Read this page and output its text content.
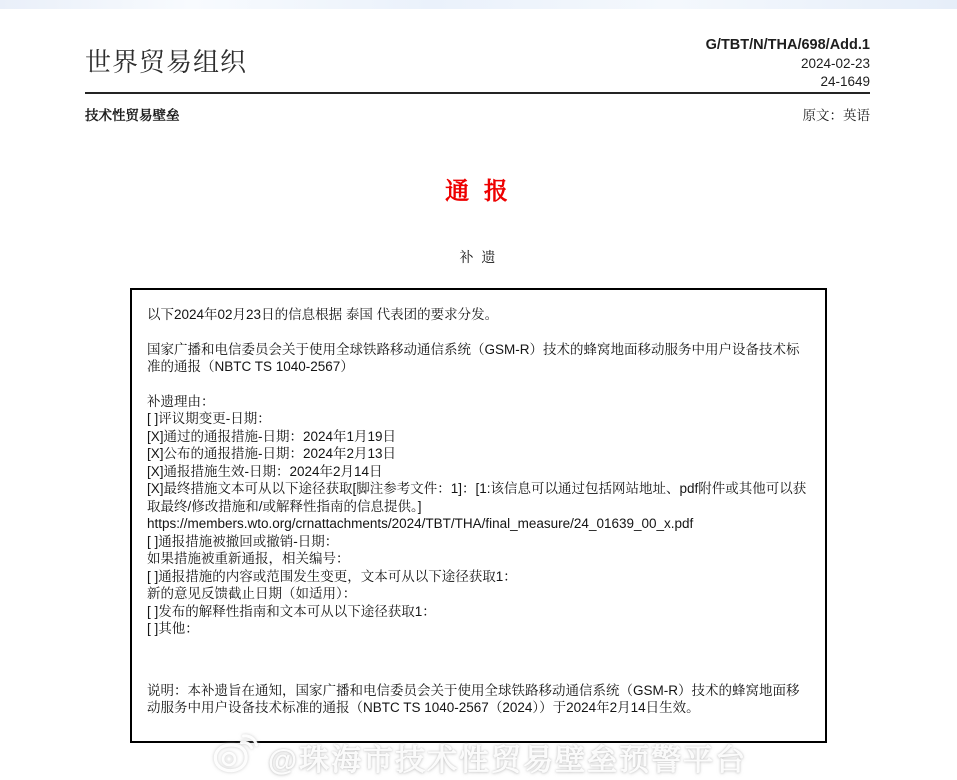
世界贸易组织
G/TBT/N/THA/698/Add.1
2024-02-23
24-1649
技术性贸易壁垒	原文：英语
通 报
补 遗

以下2024年02月23日的信息根据 泰国 代表团的要求分发。

国家广播和电信委员会关于使用全球铁路移动通信系统（GSM-R）技术的蜂窝地面移动服务中用户设备技术标准的通报（NBTC TS 1040-2567）

补遗理由：
[ ]评议期变更-日期：
[X]通过的通报措施-日期：2024年1月19日
[X]公布的通报措施-日期：2024年2月13日
[X]通报措施生效-日期：2024年2月14日
[X]最终措施文本可从以下途径获取[脚注参考文件：1]：[1:该信息可以通过包括网站地址、pdf附件或其他可以获取最终/修改措施和/或解释性指南的信息提供。]
https://members.wto.org/crnattachments/2024/TBT/THA/final_measure/24_01639_00_x.pdf
[ ]通报措施被撤回或撤销-日期：
如果措施被重新通报，相关编号：
[ ]通报措施的内容或范围发生变更，文本可从以下途径获取1：
新的意见反馈截止日期（如适用）：
[ ]发布的解释性指南和文本可从以下途径获取1：
[ ]其他：

说明：本补遗旨在通知，国家广播和电信委员会关于使用全球铁路移动通信系统（GSM-R）技术的蜂窝地面移动服务中用户设备技术标准的通报（NBTC TS 1040-2567（2024））于2024年2月14日生效。

@珠海市技术性贸易壁垒预警平台
